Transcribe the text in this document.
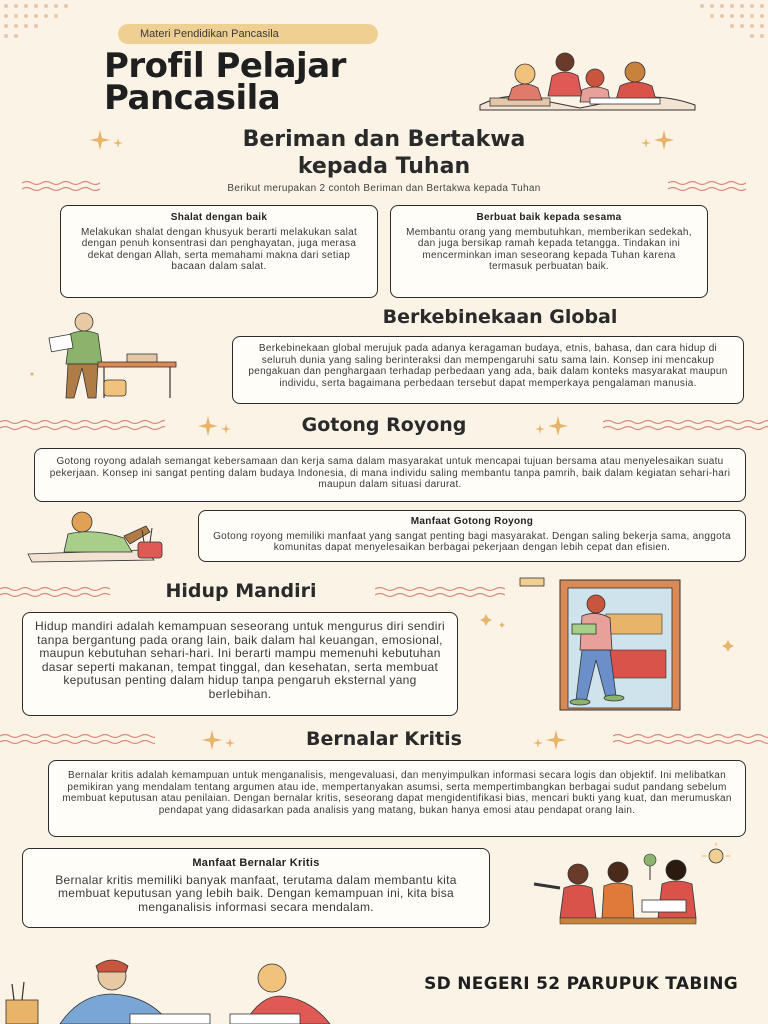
Materi Pendidikan Pancasila
Profil Pelajar
Pancasila
Beriman dan Bertakwa
kepada Tuhan
Berikut merupakan 2 contoh Beriman dan Bertakwa kepada Tuhan
Shalat dengan baik
Melakukan shalat dengan khusyuk berarti melakukan salat dengan penuh konsentrasi dan penghayatan, juga merasa dekat dengan Allah, serta memahami makna dari setiap bacaan dalam salat.
Berbuat baik kepada sesama
Membantu orang yang membutuhkan, memberikan sedekah, dan juga bersikap ramah kepada tetangga. Tindakan ini mencerminkan iman seseorang kepada Tuhan karena termasuk perbuatan baik.
Berkebinekaan Global
Berkebinekaan global merujuk pada adanya keragaman budaya, etnis, bahasa, dan cara hidup di seluruh dunia yang saling berinteraksi dan mempengaruhi satu sama lain. Konsep ini mencakup pengakuan dan penghargaan terhadap perbedaan yang ada, baik dalam konteks masyarakat maupun individu, serta bagaimana perbedaan tersebut dapat memperkaya pengalaman manusia.
Gotong Royong
Gotong royong adalah semangat kebersamaan dan kerja sama dalam masyarakat untuk mencapai tujuan bersama atau menyelesaikan suatu pekerjaan. Konsep ini sangat penting dalam budaya Indonesia, di mana individu saling membantu tanpa pamrih, baik dalam kegiatan sehari-hari maupun dalam situasi darurat.
Manfaat Gotong Royong
Gotong royong memiliki manfaat yang sangat penting bagi masyarakat. Dengan saling bekerja sama, anggota komunitas dapat menyelesaikan berbagai pekerjaan dengan lebih cepat dan efisien.
Hidup Mandiri
Hidup mandiri adalah kemampuan seseorang untuk mengurus diri sendiri tanpa bergantung pada orang lain, baik dalam hal keuangan, emosional, maupun kebutuhan sehari-hari. Ini berarti mampu memenuhi kebutuhan dasar seperti makanan, tempat tinggal, dan kesehatan, serta membuat keputusan penting dalam hidup tanpa pengaruh eksternal yang berlebihan.
Bernalar Kritis
Bernalar kritis adalah kemampuan untuk menganalisis, mengevaluasi, dan menyimpulkan informasi secara logis dan objektif. Ini melibatkan pemikiran yang mendalam tentang argumen atau ide, mempertanyakan asumsi, serta mempertimbangkan berbagai sudut pandang sebelum membuat keputusan atau penilaian. Dengan bernalar kritis, seseorang dapat mengidentifikasi bias, mencari bukti yang kuat, dan merumuskan pendapat yang didasarkan pada analisis yang matang, bukan hanya emosi atau pendapat orang lain.
Manfaat Bernalar Kritis
Bernalar kritis memiliki banyak manfaat, terutama dalam membantu kita membuat keputusan yang lebih baik. Dengan kemampuan ini, kita bisa menganalisis informasi secara mendalam.
SD NEGERI 52 PARUPUK TABING
